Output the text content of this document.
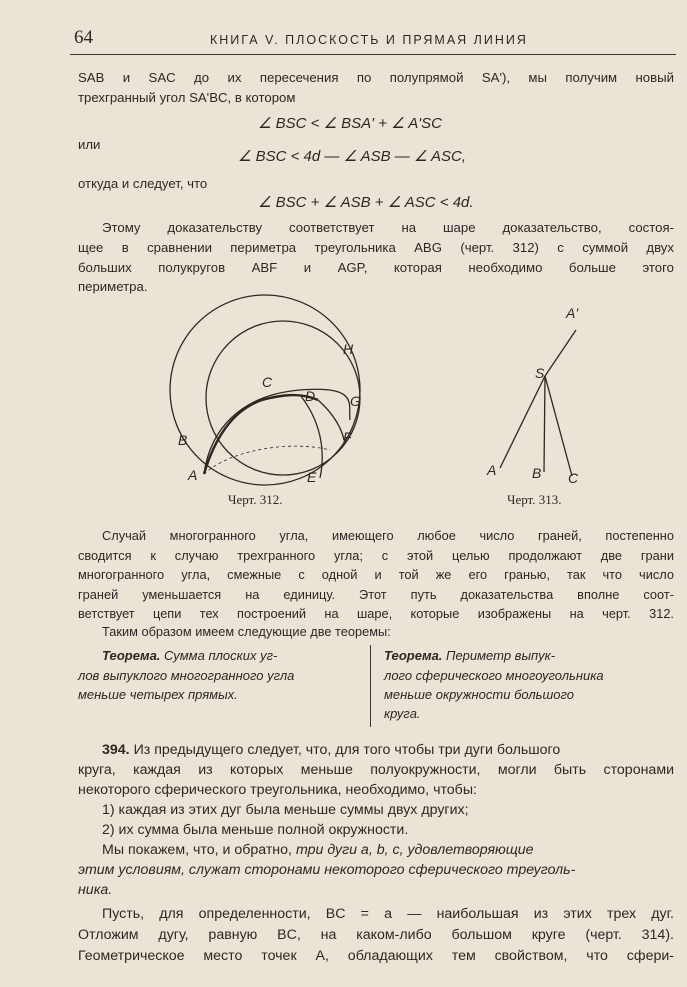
64	КНИГА V. ПЛОСКОСТЬ И ПРЯМАЯ ЛИНИЯ
SAB и SAC до их пересечения по полупрямой SA'), мы получим новый
трехгранный угол SA'BC, в котором
∠ BSC < ∠ BSA' + ∠ A'SC
или
∠ BSC < 4d — ∠ ASB — ∠ ASC,
откуда и следует, что
∠ BSC + ∠ ASB + ∠ ASC < 4d.
Этому доказательству соответствует на шаре доказательство, состоя-
щее в сравнении периметра треугольника ABG (черт. 312) с суммой двух
больших полукругов ABF и AGP, которая необходимо больше этого
периметра.
H
C
D G
F
B
A	E
Черт. 312.
A'
S
A	B C
Черт. 313.
Случай многогранного угла, имеющего любое число граней, постепенно
сводится к случаю трехгранного угла; с этой целью продолжают две грани
многогранного угла, смежные с одной и той же его гранью, так что число
граней уменьшается на единицу. Этот путь доказательства вполне соот-
ветствует цепи тех построений на шаре, которые изображены на черт. 312.
Таким образом имеем следующие две теоремы:
Теорема. Сумма плоских уг-
лов выпуклого многогранного угла
меньше четырех прямых.
Теорема. Периметр выпук-
лого сферического многоугольника
меньше окружности большого
круга.
394. Из предыдущего следует, что, для того чтобы три дуги большого
круга, каждая из которых меньше полуокружности, могли быть сторонами
некоторого сферического треугольника, необходимо, чтобы:
1) каждая из этих дуг была меньше суммы двух других;
2) их сумма была меньше полной окружности.
Мы покажем, что, и обратно, три дуги a, b, c, удовлетворяющие
этим условиям, служат сторонами некоторого сферического треуголь-
ника.
Пусть, для определенности, BC = a — наибольшая из этих трех дуг.
Отложим дугу, равную BC, на каком-либо большом круге (черт. 314).
Геометрическое место точек A, обладающих тем свойством, что сфери-
